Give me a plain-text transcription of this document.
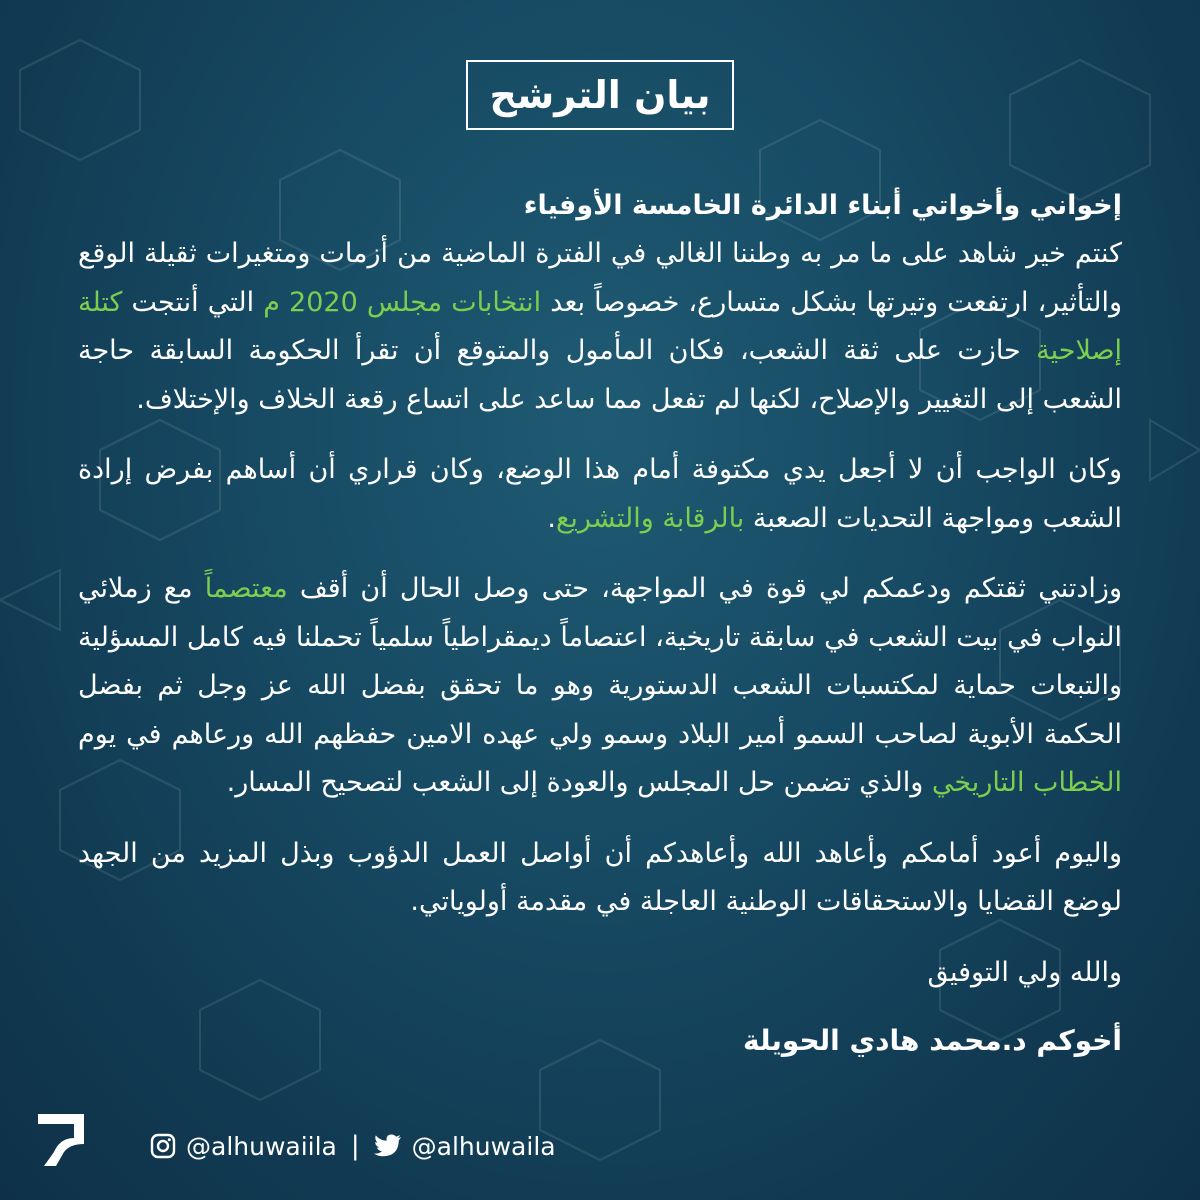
بيان الترشح

إخواني وأخواتي أبناء الدائرة الخامسة الأوفياء

كنتم خير شاهد على ما مر به وطننا الغالي في الفترة الماضية من أزمات ومتغيرات ثقيلة الوقع والتأثير، ارتفعت وتيرتها بشكل متسارع، خصوصاً بعد انتخابات مجلس 2020 م التي أنتجت كتلة إصلاحية حازت على ثقة الشعب، فكان المأمول والمتوقع أن تقرأ الحكومة السابقة حاجة الشعب إلى التغيير والإصلاح، لكنها لم تفعل مما ساعد على اتساع رقعة الخلاف والإختلاف.

وكان الواجب أن لا أجعل يدي مكتوفة أمام هذا الوضع، وكان قراري أن أساهم بفرض إرادة الشعب ومواجهة التحديات الصعبة بالرقابة والتشريع.

وزادتني ثقتكم ودعمكم لي قوة في المواجهة، حتى وصل الحال أن أقف معتصماً مع زملائي النواب في بيت الشعب في سابقة تاريخية، اعتصاماً ديمقراطياً سلمياً تحملنا فيه كامل المسؤلية والتبعات حماية لمكتسبات الشعب الدستورية وهو ما تحقق بفضل الله عز وجل ثم بفضل الحكمة الأبوية لصاحب السمو أمير البلاد وسمو ولي عهده الامين حفظهم الله ورعاهم في يوم الخطاب التاريخي والذي تضمن حل المجلس والعودة إلى الشعب لتصحيح المسار.

واليوم أعود أمامكم وأعاهد الله وأعاهدكم أن أواصل العمل الدؤوب وبذل المزيد من الجهد لوضع القضايا والاستحقاقات الوطنية العاجلة في مقدمة أولوياتي.

والله ولي التوفيق

أخوكم د.محمد هادي الحويلة

@alhuwaiila | @alhuwaila
